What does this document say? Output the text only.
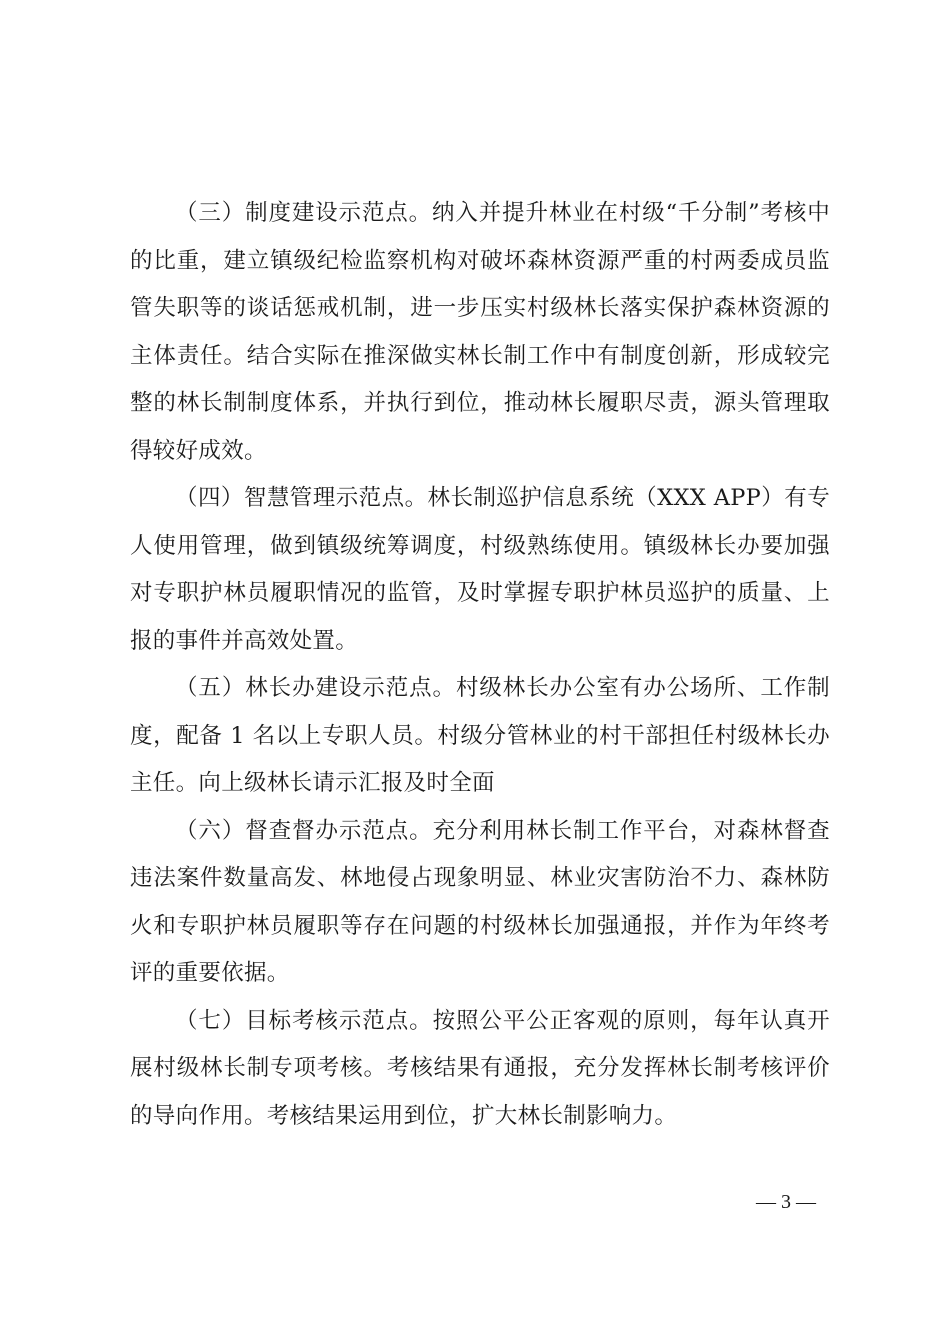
（三）制度建设示范点。纳入并提升林业在村级“千分制”考核中的比重，建立镇级纪检监察机构对破坏森林资源严重的村两委成员监管失职等的谈话惩戒机制，进一步压实村级林长落实保护森林资源的主体责任。结合实际在推深做实林长制工作中有制度创新，形成较完整的林长制制度体系，并执行到位，推动林长履职尽责，源头管理取得较好成效。

（四）智慧管理示范点。林长制巡护信息系统（XXX APP）有专人使用管理，做到镇级统筹调度，村级熟练使用。镇级林长办要加强对专职护林员履职情况的监管，及时掌握专职护林员巡护的质量、上报的事件并高效处置。

（五）林长办建设示范点。村级林长办公室有办公场所、工作制度，配备 1 名以上专职人员。村级分管林业的村干部担任村级林长办主任。向上级林长请示汇报及时全面

（六）督查督办示范点。充分利用林长制工作平台，对森林督查违法案件数量高发、林地侵占现象明显、林业灾害防治不力、森林防火和专职护林员履职等存在问题的村级林长加强通报，并作为年终考评的重要依据。

（七）目标考核示范点。按照公平公正客观的原则，每年认真开展村级林长制专项考核。考核结果有通报，充分发挥林长制考核评价的导向作用。考核结果运用到位，扩大林长制影响力。

— 3 —
